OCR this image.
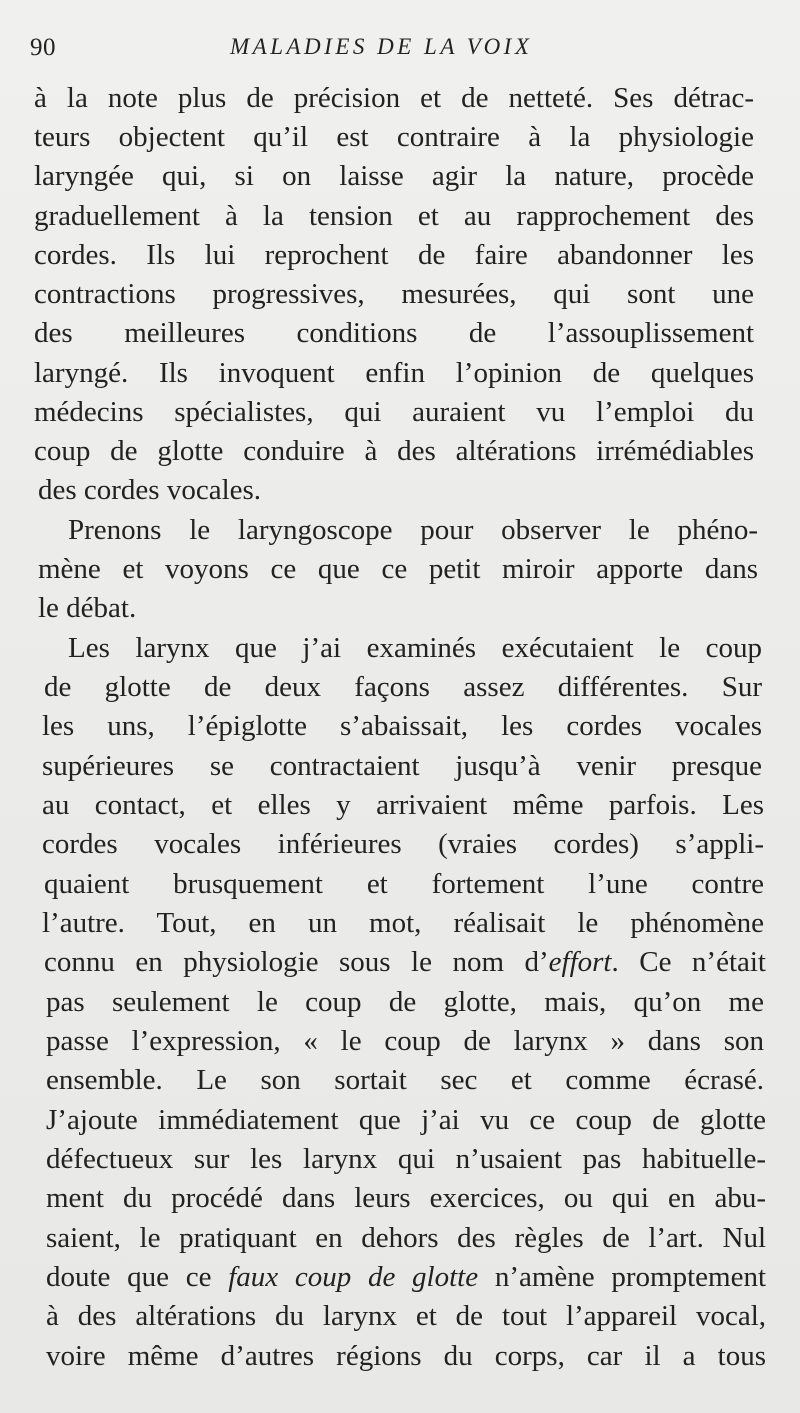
90	MALADIES DE LA VOIX
à la note plus de précision et de netteté. Ses détrac-
teurs objectent qu’il est contraire à la physiologie
laryngée qui, si on laisse agir la nature, procède
graduellement à la tension et au rapprochement des
cordes. Ils lui reprochent de faire abandonner les
contractions progressives, mesurées, qui sont une
des meilleures conditions de l’assouplissement
laryngé. Ils invoquent enfin l’opinion de quelques
médecins spécialistes, qui auraient vu l’emploi du
coup de glotte conduire à des altérations irrémédiables
des cordes vocales.
Prenons le laryngoscope pour observer le phéno-
mène et voyons ce que ce petit miroir apporte dans
le débat.
Les larynx que j’ai examinés exécutaient le coup
de glotte de deux façons assez différentes. Sur
les uns, l’épiglotte s’abaissait, les cordes vocales
supérieures se contractaient jusqu’à venir presque
au contact, et elles y arrivaient même parfois. Les
cordes vocales inférieures (vraies cordes) s’appli-
quaient brusquement et fortement l’une contre
l’autre. Tout, en un mot, réalisait le phénomène
connu en physiologie sous le nom d’effort. Ce n’était
pas seulement le coup de glotte, mais, qu’on me
passe l’expression, « le coup de larynx » dans son
ensemble. Le son sortait sec et comme écrasé.
J’ajoute immédiatement que j’ai vu ce coup de glotte
défectueux sur les larynx qui n’usaient pas habituelle-
ment du procédé dans leurs exercices, ou qui en abu-
saient, le pratiquant en dehors des règles de l’art. Nul
doute que ce faux coup de glotte n’amène promptement
à des altérations du larynx et de tout l’appareil vocal,
voire même d’autres régions du corps, car il a tous
